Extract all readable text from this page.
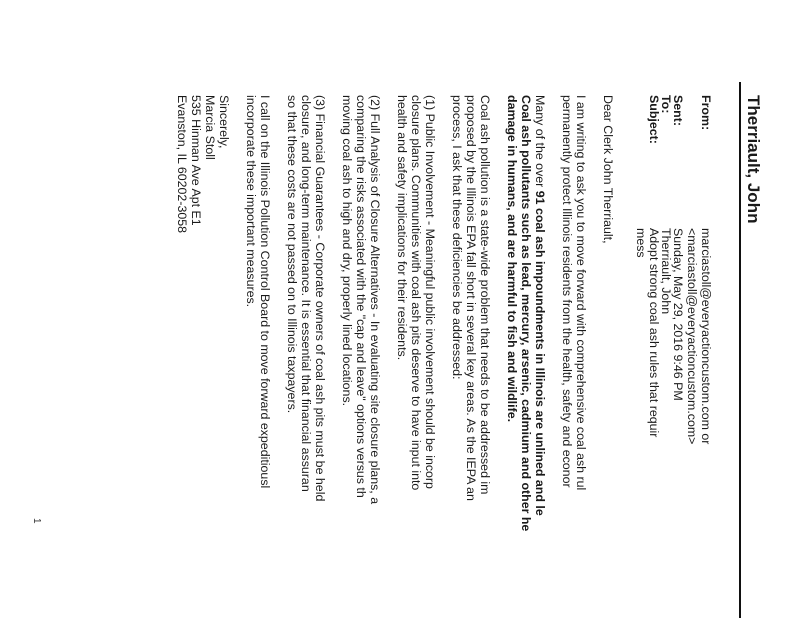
Therriault, John
From:
marciastoll@everyactioncustom.com or
<marciastoll@everyactioncustom.com>
Sent:
Sunday, May 29, 2016 9:46 PM
To:
Therriault, John
Subject:
Adopt strong coal ash rules that requir
mess
Dear Clerk John Therriault,
I am writing to ask you to move forward with comprehensive coal ash rul
permanently protect Illinois residents from the health, safety and econor
Many of the over 91 coal ash impoundments in Illinois are unlined and le
Coal ash pollutants such as lead, mercury, arsenic, cadmium and other he
damage in humans, and are harmful to fish and wildlife.
Coal ash pollution is a state-wide problem that needs to be addressed im
proposed by the Illinois EPA fall short in several key areas. As the IEPA an
process, I ask that these deficiencies be addressed:
(1) Public Involvement - Meaningful public involvement should be incorp
closure plans. Communities with coal ash pits deserve to have input into
health and safety implications for their residents.
(2) Full Analysis of Closure Alternatives - In evaluating site closure plans, a
comparing the risks associated with the "cap and leave" options versus th
moving coal ash to high and dry, properly lined locations.
(3) Financial Guarantees - Corporate owners of coal ash pits must be held
closure, and long-term maintenance. It is essential that financial assuran
so that these costs are not passed on to Illinois taxpayers.
I call on the Illinois Pollution Control Board to move forward expeditiousl
incorporate these important measures.
Sincerely,
Marcia Stoll
535 Hinman Ave Apt E1
Evanston, IL 60202-3058
1
